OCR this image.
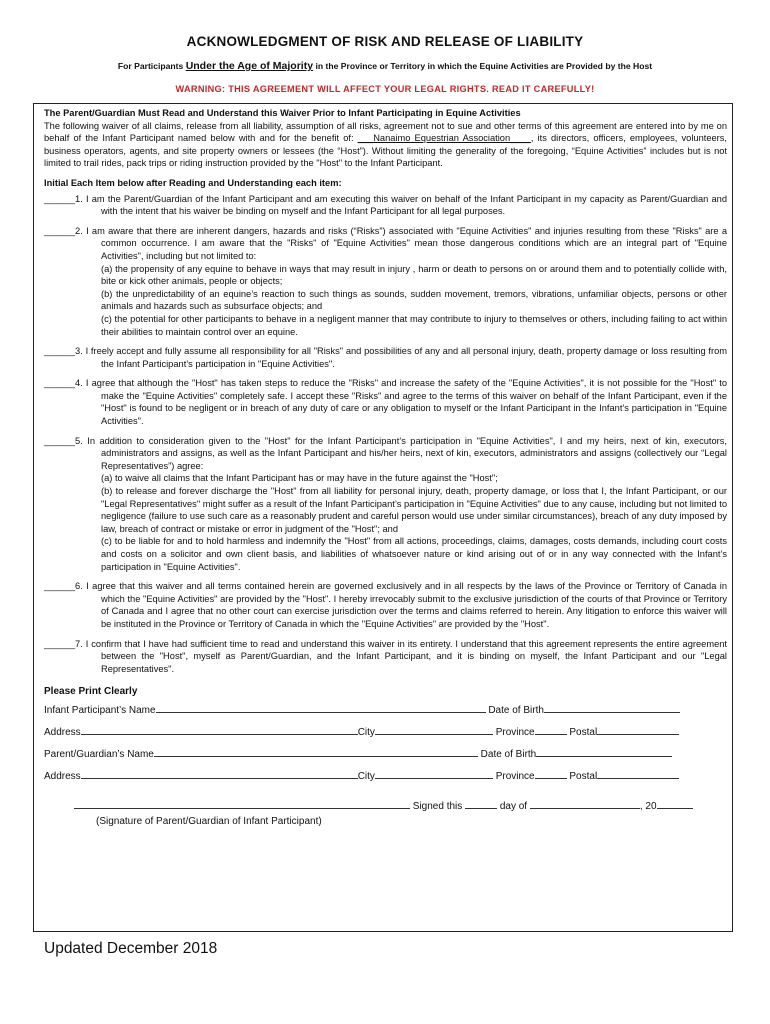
ACKNOWLEDGMENT OF RISK AND RELEASE OF LIABILITY
For Participants Under the Age of Majority in the Province or Territory in which the Equine Activities are Provided by the Host
WARNING: THIS AGREEMENT WILL AFFECT YOUR LEGAL RIGHTS. READ IT CAREFULLY!

The Parent/Guardian Must Read and Understand this Waiver Prior to Infant Participating in Equine Activities

The following waiver of all claims, release from all liability, assumption of all risks, agreement not to sue and other terms of this agreement are entered into by me on behalf of the Infant Participant named below with and for the benefit of: ___Nanaimo Equestrian Association____, its directors, officers, employees, volunteers, business operators, agents, and site property owners or lessees (the “Host”). Without limiting the generality of the foregoing, “Equine Activities” includes but is not limited to trail rides, pack trips or riding instruction provided by the "Host" to the Infant Participant.

Initial Each Item below after Reading and Understanding each item:

______1. I am the Parent/Guardian of the Infant Participant and am executing this waiver on behalf of the Infant Participant in my capacity as Parent/Guardian and with the intent that his waiver be binding on myself and the Infant Participant for all legal purposes.
______2. I am aware that there are inherent dangers, hazards and risks (“Risks”) associated with "Equine Activities" and injuries resulting from these "Risks" are a common occurrence. I am aware that the "Risks" of "Equine Activities" mean those dangerous conditions which are an integral part of "Equine Activities", including but not limited to:
(a) the propensity of any equine to behave in ways that may result in injury , harm or death to persons on or around them and to potentially collide with, bite or kick other animals, people or objects;
(b) the unpredictability of an equine’s reaction to such things as sounds, sudden movement, tremors, vibrations, unfamiliar objects, persons or other animals and hazards such as subsurface objects; and
(c) the potential for other participants to behave in a negligent manner that may contribute to injury to themselves or others, including failing to act within their abilities to maintain control over an equine.
______3. I freely accept and fully assume all responsibility for all "Risks" and possibilities of any and all personal injury, death, property damage or loss resulting from the Infant Participant’s participation in "Equine Activities".
______4. I agree that although the "Host" has taken steps to reduce the "Risks" and increase the safety of the "Equine Activities", it is not possible for the "Host" to make the "Equine Activities" completely safe. I accept these "Risks" and agree to the terms of this waiver on behalf of the Infant Participant, even if the "Host" is found to be negligent or in breach of any duty of care or any obligation to myself or the Infant Participant in the Infant’s participation in "Equine Activities".
______5. In addition to consideration given to the "Host" for the Infant Participant’s participation in "Equine Activities", I and my heirs, next of kin, executors, administrators and assigns, as well as the Infant Participant and his/her heirs, next of kin, executors, administrators and assigns (collectively our “Legal Representatives”) agree:
(a) to waive all claims that the Infant Participant has or may have in the future against the "Host";
(b) to release and forever discharge the "Host" from all liability for personal injury, death, property damage, or loss that I, the Infant Participant, or our "Legal Representatives" might suffer as a result of the Infant Participant’s participation in "Equine Activities" due to any cause, including but not limited to negligence (failure to use such care as a reasonably prudent and careful person would use under similar circumstances), breach of any duty imposed by law, breach of contract or mistake or error in judgment of the "Host"; and
(c) to be liable for and to hold harmless and indemnify the "Host" from all actions, proceedings, claims, damages, costs demands, including court costs and costs on a solicitor and own client basis, and liabilities of whatsoever nature or kind arising out of or in any way connected with the Infant’s participation in "Equine Activities".
______6. I agree that this waiver and all terms contained herein are governed exclusively and in all respects by the laws of the Province or Territory of Canada in which the "Equine Activities" are provided by the "Host". I hereby irrevocably submit to the exclusive jurisdiction of the courts of that Province or Territory of Canada and I agree that no other court can exercise jurisdiction over the terms and claims referred to herein. Any litigation to enforce this waiver will be instituted in the Province or Territory of Canada in which the "Equine Activities" are provided by the "Host".
______7. I confirm that I have had sufficient time to read and understand this waiver in its entirety. I understand that this agreement represents the entire agreement between the "Host", myself as Parent/Guardian, and the Infant Participant, and it is binding on myself, the Infant Participant and our "Legal Representatives".

Please Print Clearly

Infant Participant’s Name	Date of Birth
Address	City	Province	Postal
Parent/Guardian’s Name	Date of Birth
Address	City	Province	Postal
Signed this	day of	, 20
(Signature of Parent/Guardian of Infant Participant)
Updated December 2018
